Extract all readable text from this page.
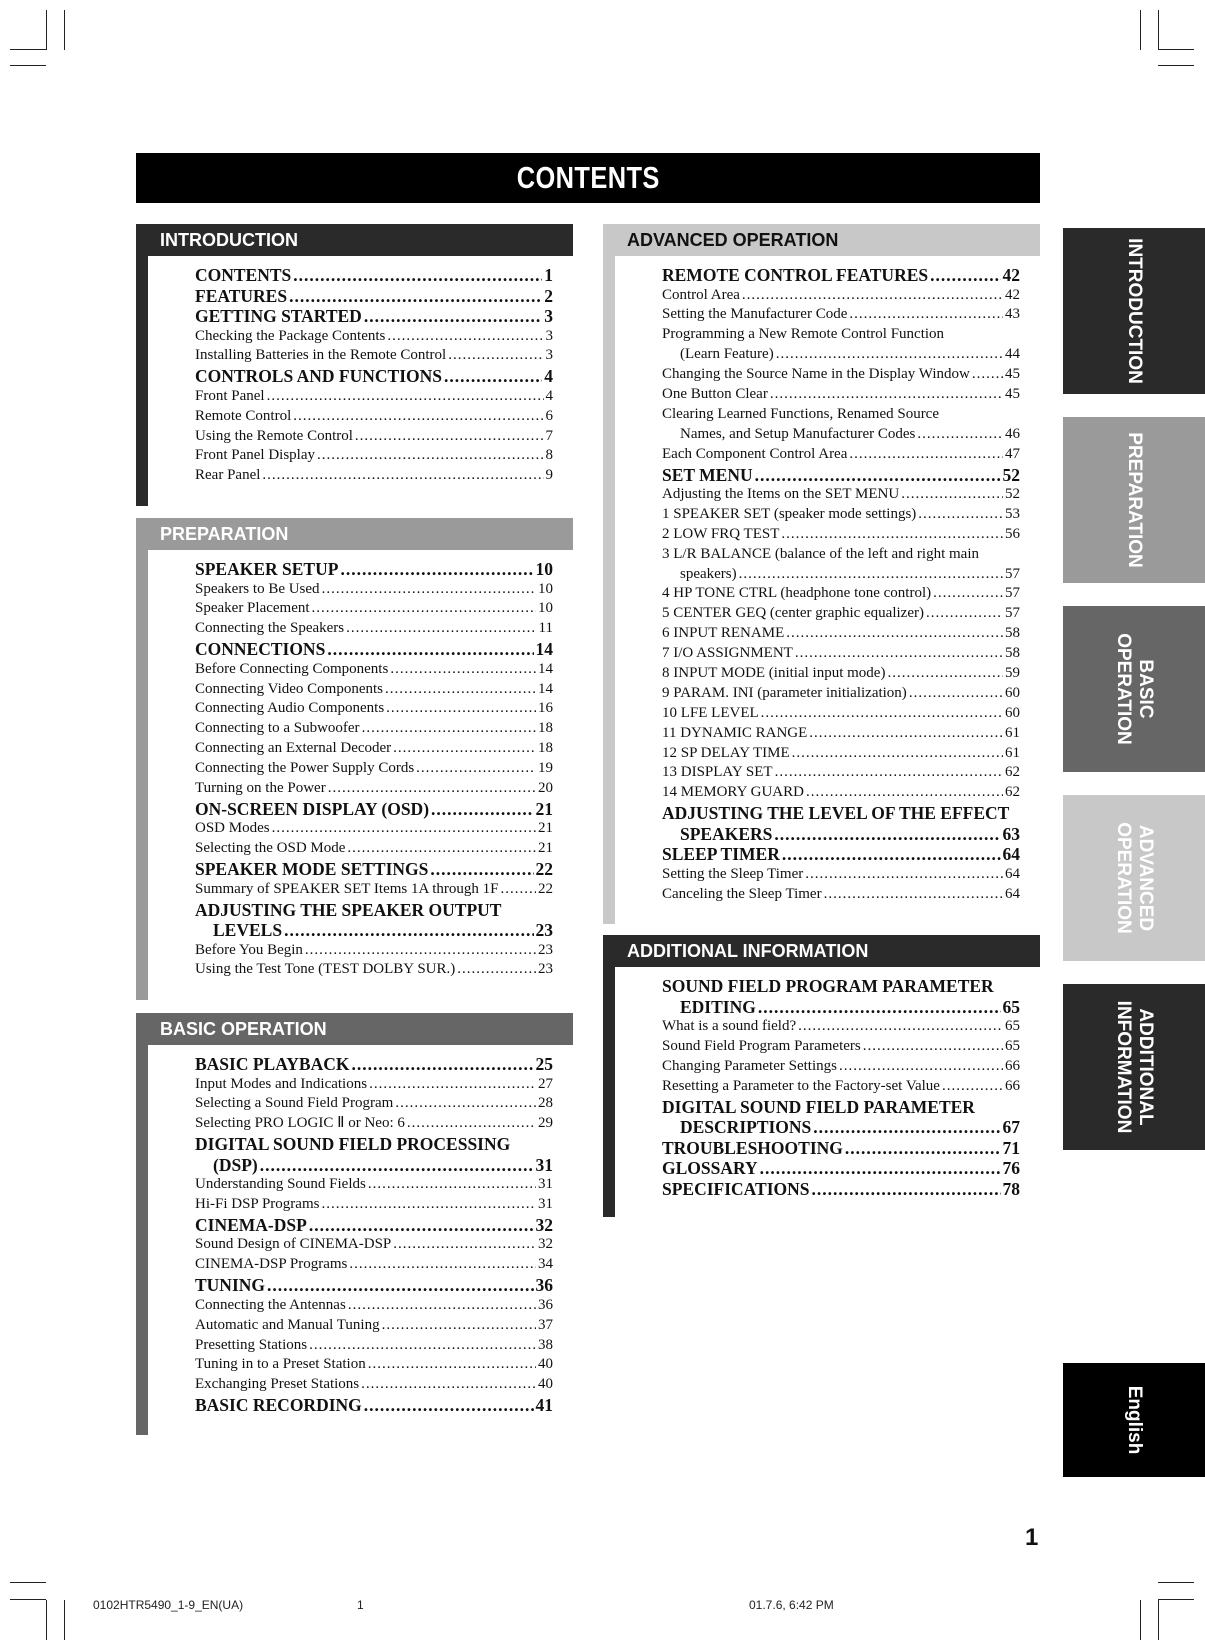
CONTENTS
INTRODUCTION
CONTENTS .....	1
FEATURES .....	2
GETTING STARTED .....	3
Checking the Package Contents .....	3
Installing Batteries in the Remote Control .....	3
CONTROLS AND FUNCTIONS .....	4
Front Panel .....	4
Remote Control .....	6
Using the Remote Control .....	7
Front Panel Display .....	8
Rear Panel .....	9
PREPARATION
SPEAKER SETUP .....	10
Speakers to Be Used .....	10
Speaker Placement .....	10
Connecting the Speakers .....	11
CONNECTIONS .....	14
Before Connecting Components .....	14
Connecting Video Components .....	14
Connecting Audio Components .....	16
Connecting to a Subwoofer .....	18
Connecting an External Decoder .....	18
Connecting the Power Supply Cords .....	19
Turning on the Power .....	20
ON-SCREEN DISPLAY (OSD) .....	21
OSD Modes .....	21
Selecting the OSD Mode .....	21
SPEAKER MODE SETTINGS .....	22
Summary of SPEAKER SET Items 1A through 1F .....	22
ADJUSTING THE SPEAKER OUTPUT
LEVELS .....	23
Before You Begin .....	23
Using the Test Tone (TEST DOLBY SUR.) .....	23
BASIC OPERATION
BASIC PLAYBACK .....	25
Input Modes and Indications .....	27
Selecting a Sound Field Program .....	28
Selecting PRO LOGIC Ⅱ or Neo: 6 .....	29
DIGITAL SOUND FIELD PROCESSING
(DSP) .....	31
Understanding Sound Fields .....	31
Hi-Fi DSP Programs .....	31
CINEMA-DSP .....	32
Sound Design of CINEMA-DSP .....	32
CINEMA-DSP Programs .....	34
TUNING .....	36
Connecting the Antennas .....	36
Automatic and Manual Tuning .....	37
Presetting Stations .....	38
Tuning in to a Preset Station .....	40
Exchanging Preset Stations .....	40
BASIC RECORDING .....	41
ADVANCED OPERATION
REMOTE CONTROL FEATURES .....	42
Control Area .....	42
Setting the Manufacturer Code .....	43
Programming a New Remote Control Function
(Learn Feature) .....	44
Changing the Source Name in the Display Window ..... 45
One Button Clear .....	45
Clearing Learned Functions, Renamed Source
Names, and Setup Manufacturer Codes .....	46
Each Component Control Area .....	47
SET MENU .....	52
Adjusting the Items on the SET MENU .....	52
1 SPEAKER SET (speaker mode settings) .....	53
2 LOW FRQ TEST .....	56
3 L/R BALANCE (balance of the left and right main
speakers) .....	57
4 HP TONE CTRL (headphone tone control) .....	57
5 CENTER GEQ (center graphic equalizer) .....	57
6 INPUT RENAME .....	58
7 I/O ASSIGNMENT .....	58
8 INPUT MODE (initial input mode) .....	59
9 PARAM. INI (parameter initialization) .....	60
10 LFE LEVEL .....	60
11 DYNAMIC RANGE .....	61
12 SP DELAY TIME .....	61
13 DISPLAY SET .....	62
14 MEMORY GUARD .....	62
ADJUSTING THE LEVEL OF THE EFFECT
SPEAKERS .....	63
SLEEP TIMER .....	64
Setting the Sleep Timer .....	64
Canceling the Sleep Timer .....	64
ADDITIONAL INFORMATION
SOUND FIELD PROGRAM PARAMETER
EDITING .....	65
What is a sound field? .....	65
Sound Field Program Parameters .....	65
Changing Parameter Settings .....	66
Resetting a Parameter to the Factory-set Value .....	66
DIGITAL SOUND FIELD PARAMETER
DESCRIPTIONS .....	67
TROUBLESHOOTING .....	71
GLOSSARY .....	76
SPECIFICATIONS .....	78
INTRODUCTION
PREPARATION
BASIC
OPERATION
ADVANCED
OPERATION
ADDITIONAL
INFORMATION
English
1
0102HTR5490_1-9_EN(UA)	1	01.7.6, 6:42 PM
